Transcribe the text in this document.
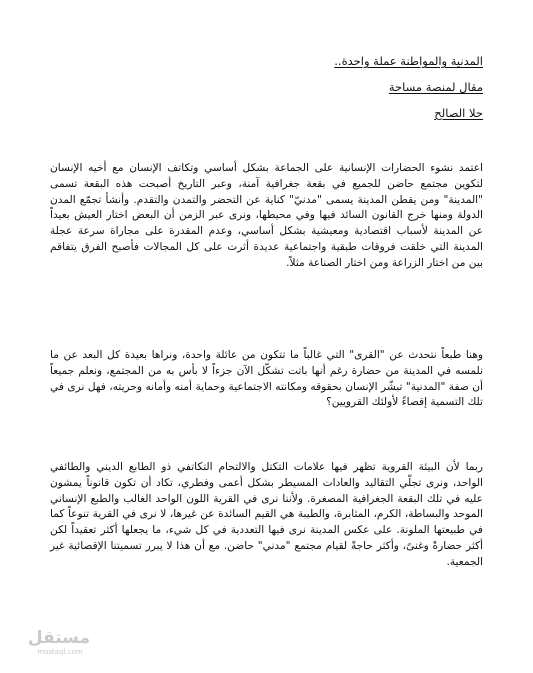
المدنية والمواطنة عملة واحدة..
مقال لمنصة مساحة
حلا الصالح

اعتمد نشوء الحضارات الإنسانية على الجماعة بشكل أساسي وتكاتف الإنسان مع أخيه الإنسان لتكوين مجتمع حاضن للجميع في بقعة جغرافية آمنة، وعبر التاريخ أصبحت هذه البقعة تسمى "المدينة" ومن يقطن المدينة يسمى "مدنيّ" كناية عن التحضر والتمدن والتقدم. وأنشأ تجمّع المدن الدولة ومنها خرج القانون السائد فيها وفي محيطها، ونرى عبر الزمن أن البعض اختار العيش بعيداً عن المدينة لأسباب اقتصادية ومعيشية بشكل أساسي، وعدم المقدرة على مجاراة سرعة عجلة المدينة التي خلقت فروقات طبقية واجتماعية عديدة أثرت على كل المجالات فأصبح الفرق يتفاقم بين من اختار الزراعة ومن اختار الصناعة مثلاً.

وهنا طبعاً نتحدث عن "القرى" التي غالباً ما تتكون من عائلة واحدة، ونراها بعيدة كل البعد عن ما نلمسه في المدينة من حضارة رغم أنها باتت تشكّل الآن جزءاً لا بأس به من المجتمع، ونعلم جميعاً أن صفة "المدنية" تبشّر الإنسان بحقوقه ومكانته الاجتماعية وحماية أمنه وأمانه وحريته، فهل نرى في تلك التسمية إقصاءً لأولئك القرويين؟

ربما لأن البيئة القروية تظهر فيها علامات التكتل والالتحام التكاتفي ذو الطابع الديني والطائفي الواحد، ونرى تجلّي التقاليد والعادات المسيطر بشكل أعمى وفطري، تكاد أن تكون قانوناً يمشون عليه في تلك البقعة الجغرافية المصغرة. ولأننا نرى في القرية اللون الواحد الغالب والطبع الإنساني الموحد والبساطة، الكرم، المثابرة، والطيبة هي القيم السائدة عن غيرها، لا نرى في القرية تنوعاً كما في طبيعتها الملونة. على عكس المدينة نرى فيها التعددية في كل شيء، ما يجعلها أكثر تعقيداً لكن أكثر حضارةً وغنىً، وأكثر حاجةً لقيام مجتمع "مدني" حاضن. مع أن هذا لا يبرر تسميتنا الإقصائية غير الجمعية.

مستقل
mostaql.com
